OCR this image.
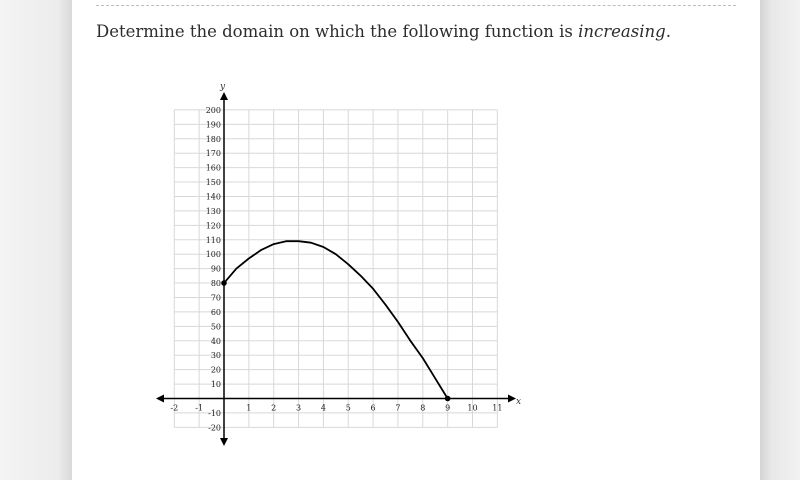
Determine the domain on which the following function is increasing.
-2 -1	1 2 3 4 5 6 7 8 9 10 11
200
190
180
170
160
150
140
130
120
110
100
90
80
70
60
50
40
30
20
10
-10
-20
x
y
